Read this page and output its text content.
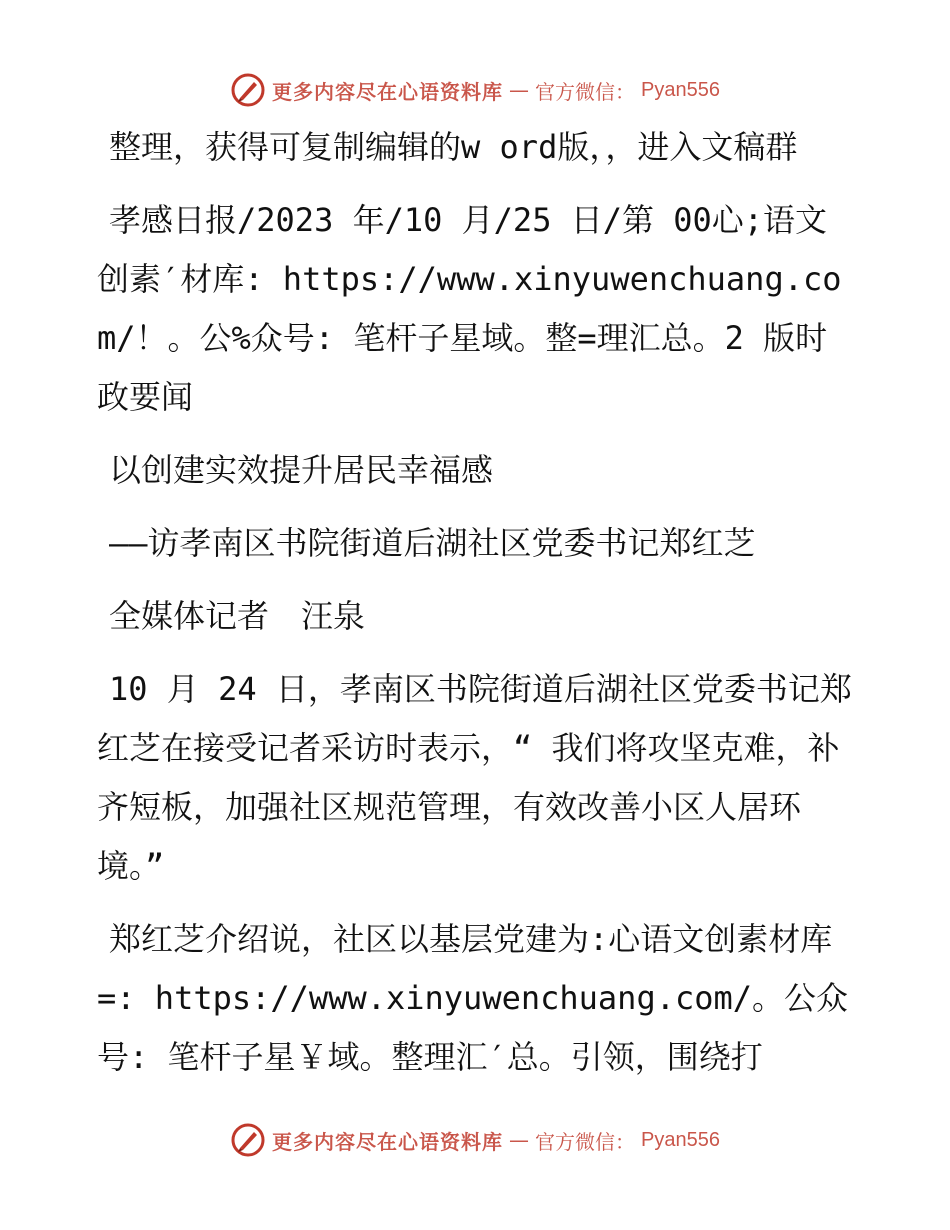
更多内容尽在心语资料库 — 官方微信： Pyan556

整理，获得可复制编辑的w ord版，，进入文稿群

孝感日报/2023 年/10 月/25 日/第 00心;语文创素′材库: https://www.xinyuwenchuang.com/！。公%众号: 笔杆子星域。整=理汇总。2 版时政要闻

以创建实效提升居民幸福感

——访孝南区书院街道后湖社区党委书记郑红芝

全媒体记者　汪泉

10 月 24 日，孝南区书院街道后湖社区党委书记郑红芝在接受记者采访时表示，“ 我们将攻坚克难，补齐短板，加强社区规范管理，有效改善小区人居环境。”

郑红芝介绍说，社区以基层党建为:心语文创素材库=: https://www.xinyuwenchuang.com/。公众号: 笔杆子星￥域。整理汇′总。引领，围绕打

更多内容尽在心语资料库 — 官方微信： Pyan556
